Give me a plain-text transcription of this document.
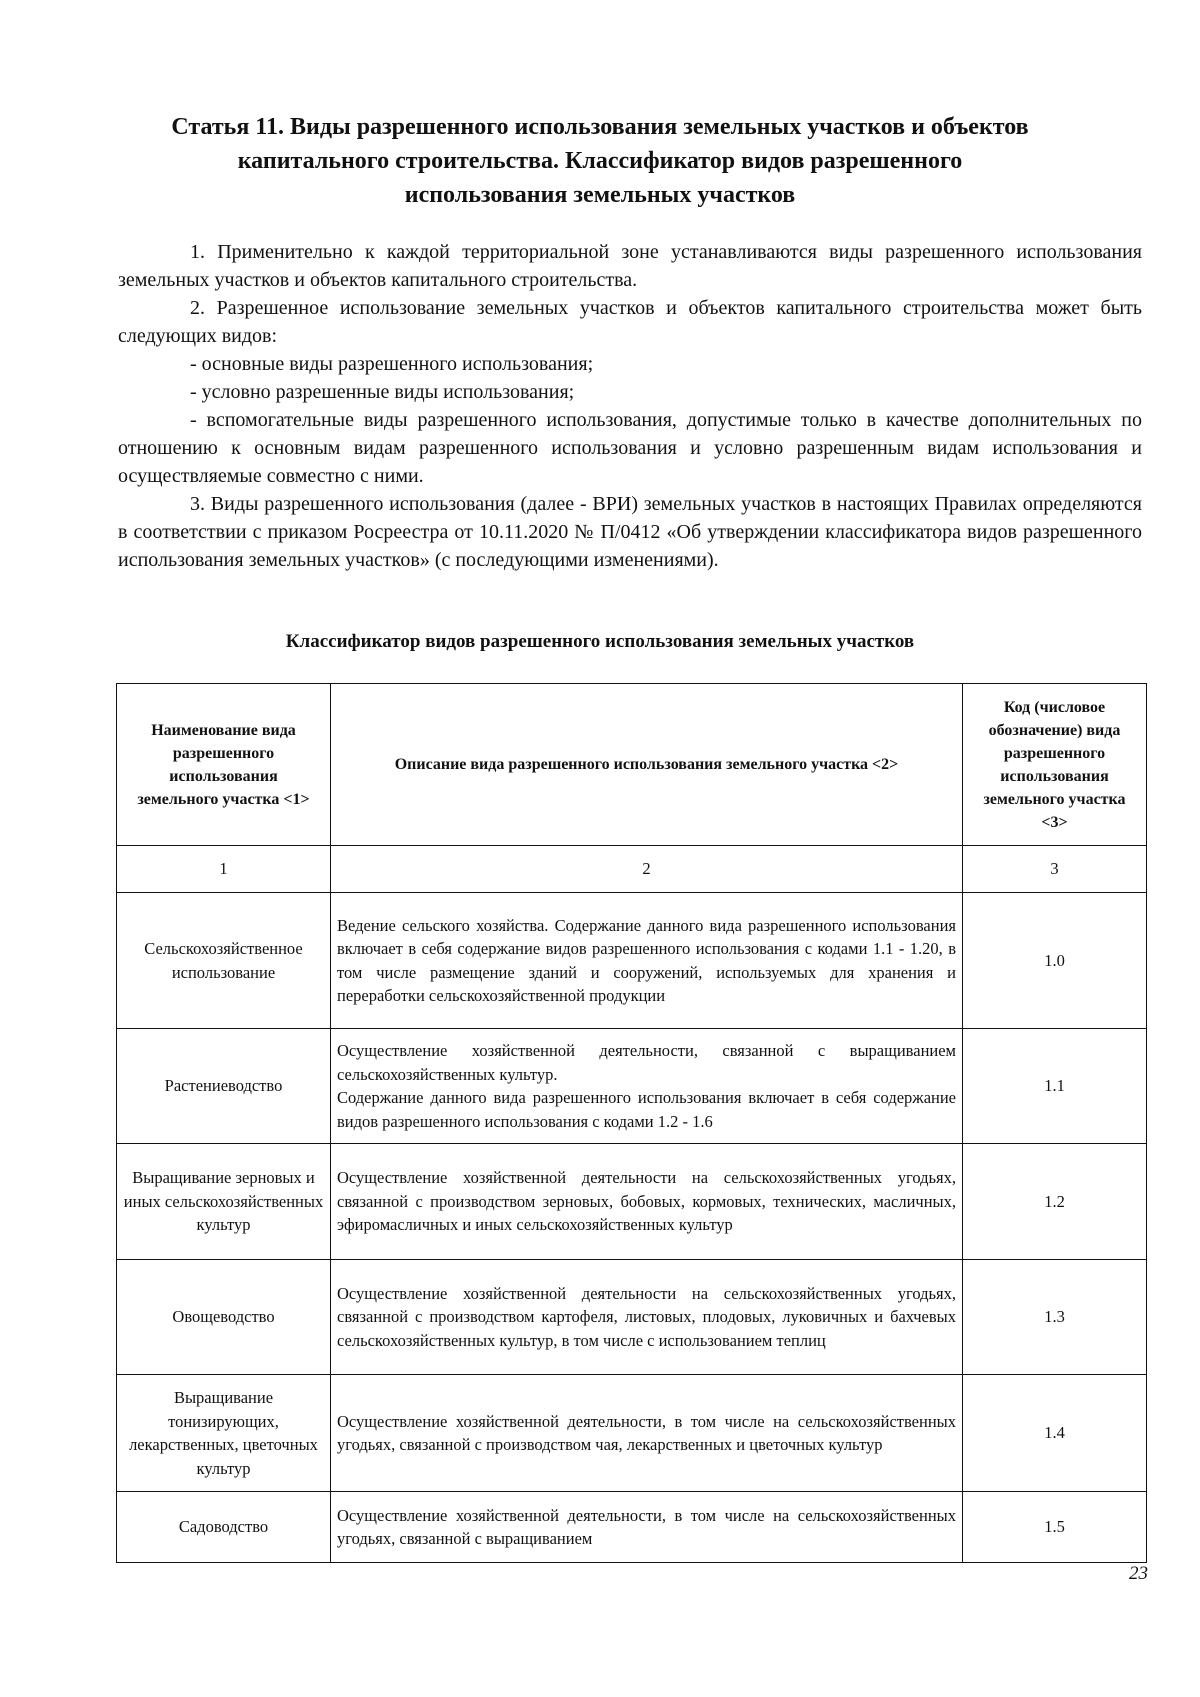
Статья 11. Виды разрешенного использования земельных участков и объектов
капитального строительства. Классификатор видов разрешенного
использования земельных участков
1. Применительно к каждой территориальной зоне устанавливаются виды разрешенного использования земельных участков и объектов капитального строительства.
2. Разрешенное использование земельных участков и объектов капитального строительства может быть следующих видов:
- основные виды разрешенного использования;
- условно разрешенные виды использования;
- вспомогательные виды разрешенного использования, допустимые только в качестве дополнительных по отношению к основным видам разрешенного использования и условно разрешенным видам использования и осуществляемые совместно с ними.
3. Виды разрешенного использования (далее - ВРИ) земельных участков в настоящих Правилах определяются в соответствии с приказом Росреестра от 10.11.2020 № П/0412 «Об утверждении классификатора видов разрешенного использования земельных участков» (с последующими изменениями).
Классификатор видов разрешенного использования земельных участков
Наименование вида разрешенного использования земельного участка <1>	Описание вида разрешенного использования земельного участка <2>	Код (числовое обозначение) вида разрешенного использования земельного участка <3>
1	2	3
Сельскохозяйственное использование	Ведение сельского хозяйства. Содержание данного вида разрешенного использования включает в себя содержание видов разрешенного использования с кодами 1.1 - 1.20, в том числе размещение зданий и сооружений, используемых для хранения и переработки сельскохозяйственной продукции	1.0
Растениеводство	Осуществление хозяйственной деятельности, связанной с выращиванием сельскохозяйственных культур.
Содержание данного вида разрешенного использования включает в себя содержание видов разрешенного использования с кодами 1.2 - 1.6	1.1
Выращивание зерновых и иных сельскохозяйственных культур	Осуществление хозяйственной деятельности на сельскохозяйственных угодьях, связанной с производством зерновых, бобовых, кормовых, технических, масличных, эфиромасличных и иных сельскохозяйственных культур	1.2
Овощеводство	Осуществление хозяйственной деятельности на сельскохозяйственных угодьях, связанной с производством картофеля, листовых, плодовых, луковичных и бахчевых сельскохозяйственных культур, в том числе с использованием теплиц	1.3
Выращивание тонизирующих, лекарственных, цветочных культур	Осуществление хозяйственной деятельности, в том числе на сельскохозяйственных угодьях, связанной с производством чая, лекарственных и цветочных культур	1.4
Садоводство	Осуществление хозяйственной деятельности, в том числе на сельскохозяйственных угодьях, связанной с выращиванием	1.5
23
